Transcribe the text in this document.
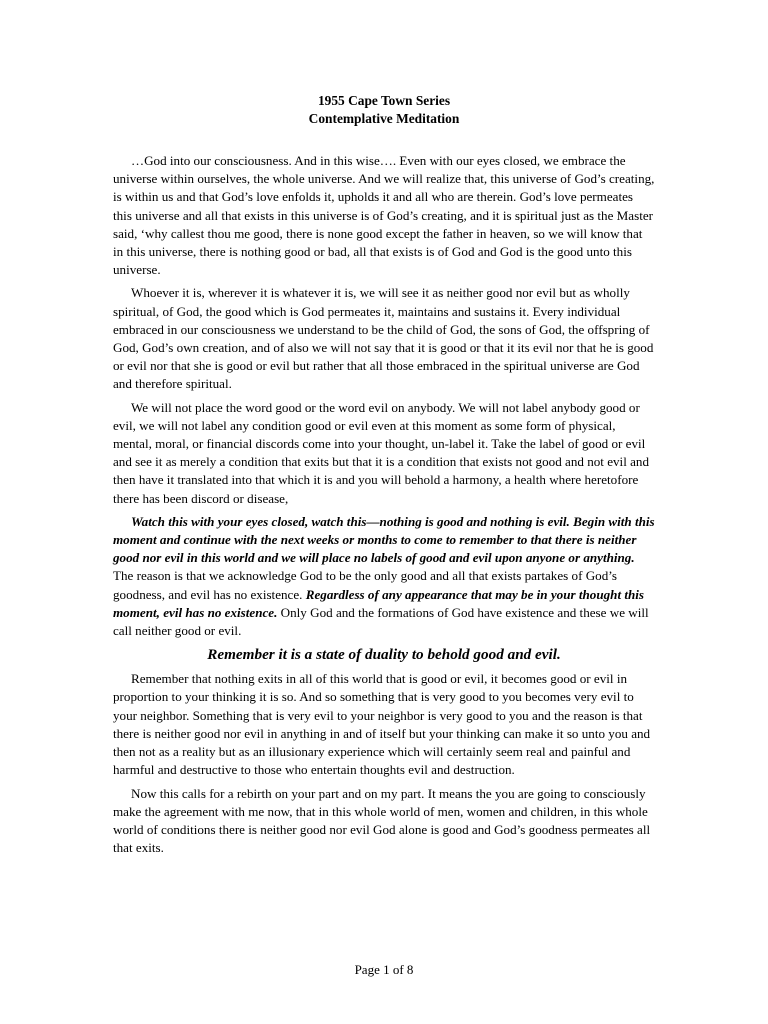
1955 Cape Town Series
Contemplative Meditation

…God into our consciousness. And in this wise…. Even with our eyes closed, we embrace the universe within ourselves, the whole universe. And we will realize that, this universe of God’s creating, is within us and that God’s love enfolds it, upholds it and all who are therein. God’s love permeates this universe and all that exists in this universe is of God’s creating, and it is spiritual just as the Master said, ‘why callest thou me good, there is none good except the father in heaven, so we will know that in this universe, there is nothing good or bad, all that exists is of God and God is the good unto this universe.

Whoever it is, wherever it is whatever it is, we will see it as neither good nor evil but as wholly spiritual, of God, the good which is God permeates it, maintains and sustains it. Every individual embraced in our consciousness we understand to be the child of God, the sons of God, the offspring of God, God’s own creation, and of also we will not say that it is good or that it its evil nor that he is good or evil nor that she is good or evil but rather that all those embraced in the spiritual universe are God and therefore spiritual.

We will not place the word good or the word evil on anybody. We will not label anybody good or evil, we will not label any condition good or evil even at this moment as some form of physical, mental, moral, or financial discords come into your thought, un-label it. Take the label of good or evil and see it as merely a condition that exits but that it is a condition that exists not good and not evil and then have it translated into that which it is and you will behold a harmony, a health where heretofore there has been discord or disease,

Watch this with your eyes closed, watch this—nothing is good and nothing is evil. Begin with this moment and continue with the next weeks or months to come to remember to that there is neither good nor evil in this world and we will place no labels of good and evil upon anyone or anything. The reason is that we acknowledge God to be the only good and all that exists partakes of God’s goodness, and evil has no existence. Regardless of any appearance that may be in your thought this moment, evil has no existence. Only God and the formations of God have existence and these we will call neither good or evil.

Remember it is a state of duality to behold good and evil.

Remember that nothing exits in all of this world that is good or evil, it becomes good or evil in proportion to your thinking it is so. And so something that is very good to you becomes very evil to your neighbor. Something that is very evil to your neighbor is very good to you and the reason is that there is neither good nor evil in anything in and of itself but your thinking can make it so unto you and then not as a reality but as an illusionary experience which will certainly seem real and painful and harmful and destructive to those who entertain thoughts evil and destruction.

Now this calls for a rebirth on your part and on my part. It means the you are going to consciously make the agreement with me now, that in this whole world of men, women and children, in this whole world of conditions there is neither good nor evil God alone is good and God’s goodness permeates all that exits.

Page 1 of 8
